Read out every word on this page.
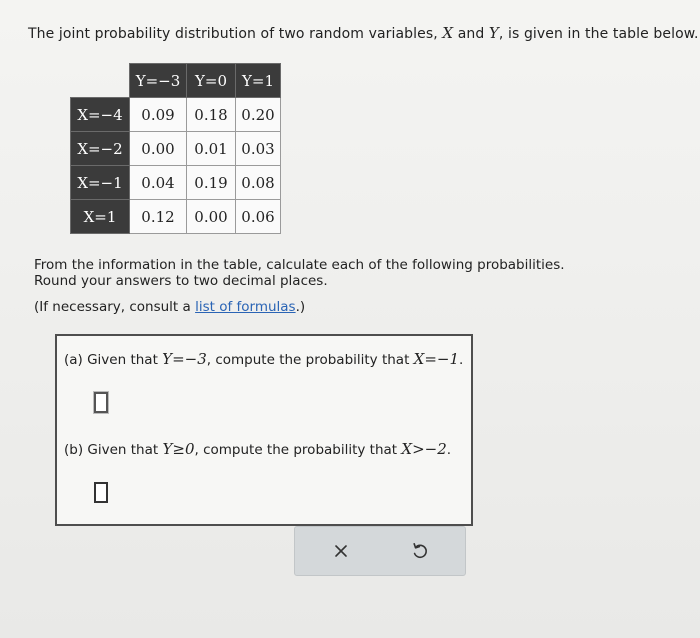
The joint probability distribution of two random variables, X and Y, is given in the table below.
	Y=−3	Y=0	Y=1
X=−4	0.09	0.18	0.20
X=−2	0.00	0.01	0.03
X=−1	0.04	0.19	0.08
X=1	0.12	0.00	0.06
From the information in the table, calculate each of the following probabilities.
Round your answers to two decimal places.
(If necessary, consult a list of formulas.)
(a) Given that Y=−3, compute the probability that X=−1.
(b) Given that Y≥0, compute the probability that X>−2.
